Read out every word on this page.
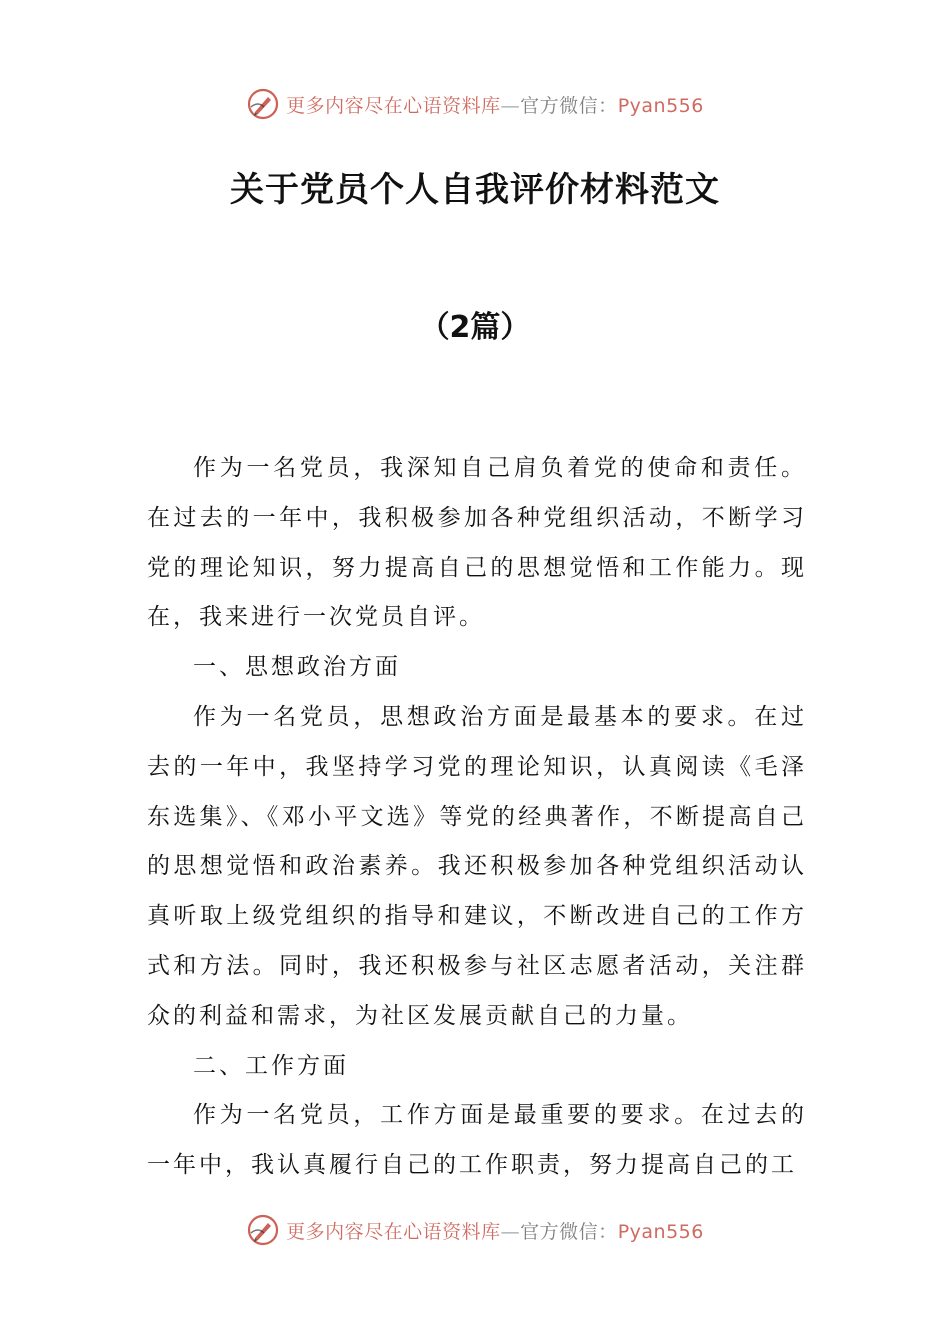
更多内容尽在心语资料库—官方微信：Pyan556
关于党员个人自我评价材料范文
（2篇）

作为一名党员，我深知自己肩负着党的使命和责任。在过去的一年中，我积极参加各种党组织活动，不断学习党的理论知识，努力提高自己的思想觉悟和工作能力。现在，我来进行一次党员自评。

一、思想政治方面

作为一名党员，思想政治方面是最基本的要求。在过去的一年中，我坚持学习党的理论知识，认真阅读《毛泽东选集》、《邓小平文选》等党的经典著作，不断提高自己的思想觉悟和政治素养。我还积极参加各种党组织活动认真听取上级党组织的指导和建议，不断改进自己的工作方式和方法。同时，我还积极参与社区志愿者活动，关注群众的利益和需求，为社区发展贡献自己的力量。

二、工作方面

作为一名党员，工作方面是最重要的要求。在过去的一年中，我认真履行自己的工作职责，努力提高自己的工

更多内容尽在心语资料库—官方微信：Pyan556
